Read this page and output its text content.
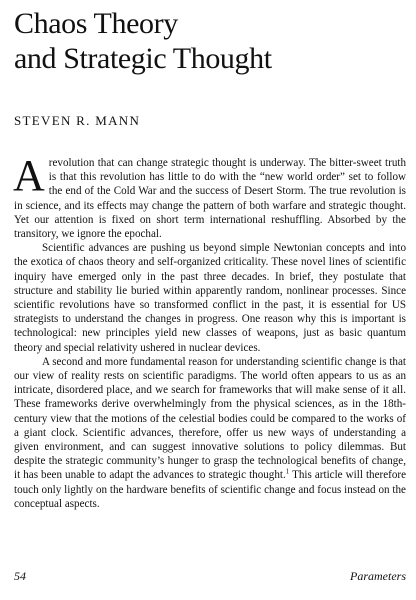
Chaos Theory
and Strategic Thought
STEVEN R. MANN

Arevolution that can change strategic thought is underway. The bitter-sweet truth is that this revolution has little to do with the “new world order” set to follow the end of the Cold War and the success of Desert Storm. The true revolution is in science, and its effects may change the pattern of both warfare and strategic thought. Yet our attention is fixed on short term international reshuffling. Absorbed by the transitory, we ignore the epochal.

Scientific advances are pushing us beyond simple Newtonian concepts and into the exotica of chaos theory and self-organized criticality. These novel lines of scientific inquiry have emerged only in the past three decades. In brief, they postulate that structure and stability lie buried within apparently random, nonlinear processes. Since scientific revolutions have so transformed conflict in the past, it is essential for US strategists to understand the changes in progress. One reason why this is important is technological: new principles yield new classes of weapons, just as basic quantum theory and special relativity ushered in nuclear devices.

A second and more fundamental reason for understanding scientific change is that our view of reality rests on scientific paradigms. The world often appears to us as an intricate, disordered place, and we search for frameworks that will make sense of it all. These frameworks derive overwhelmingly from the physical sciences, as in the 18th-century view that the motions of the celestial bodies could be compared to the works of a giant clock. Scientific advances, therefore, offer us new ways of understanding a given environment, and can suggest innovative solutions to policy dilemmas. But despite the strategic community’s hunger to grasp the technological benefits of change, it has been unable to adapt the advances to strategic thought.$^1$ This article will therefore touch only lightly on the hardware benefits of scientific change and focus instead on the conceptual aspects.

54	Parameters
